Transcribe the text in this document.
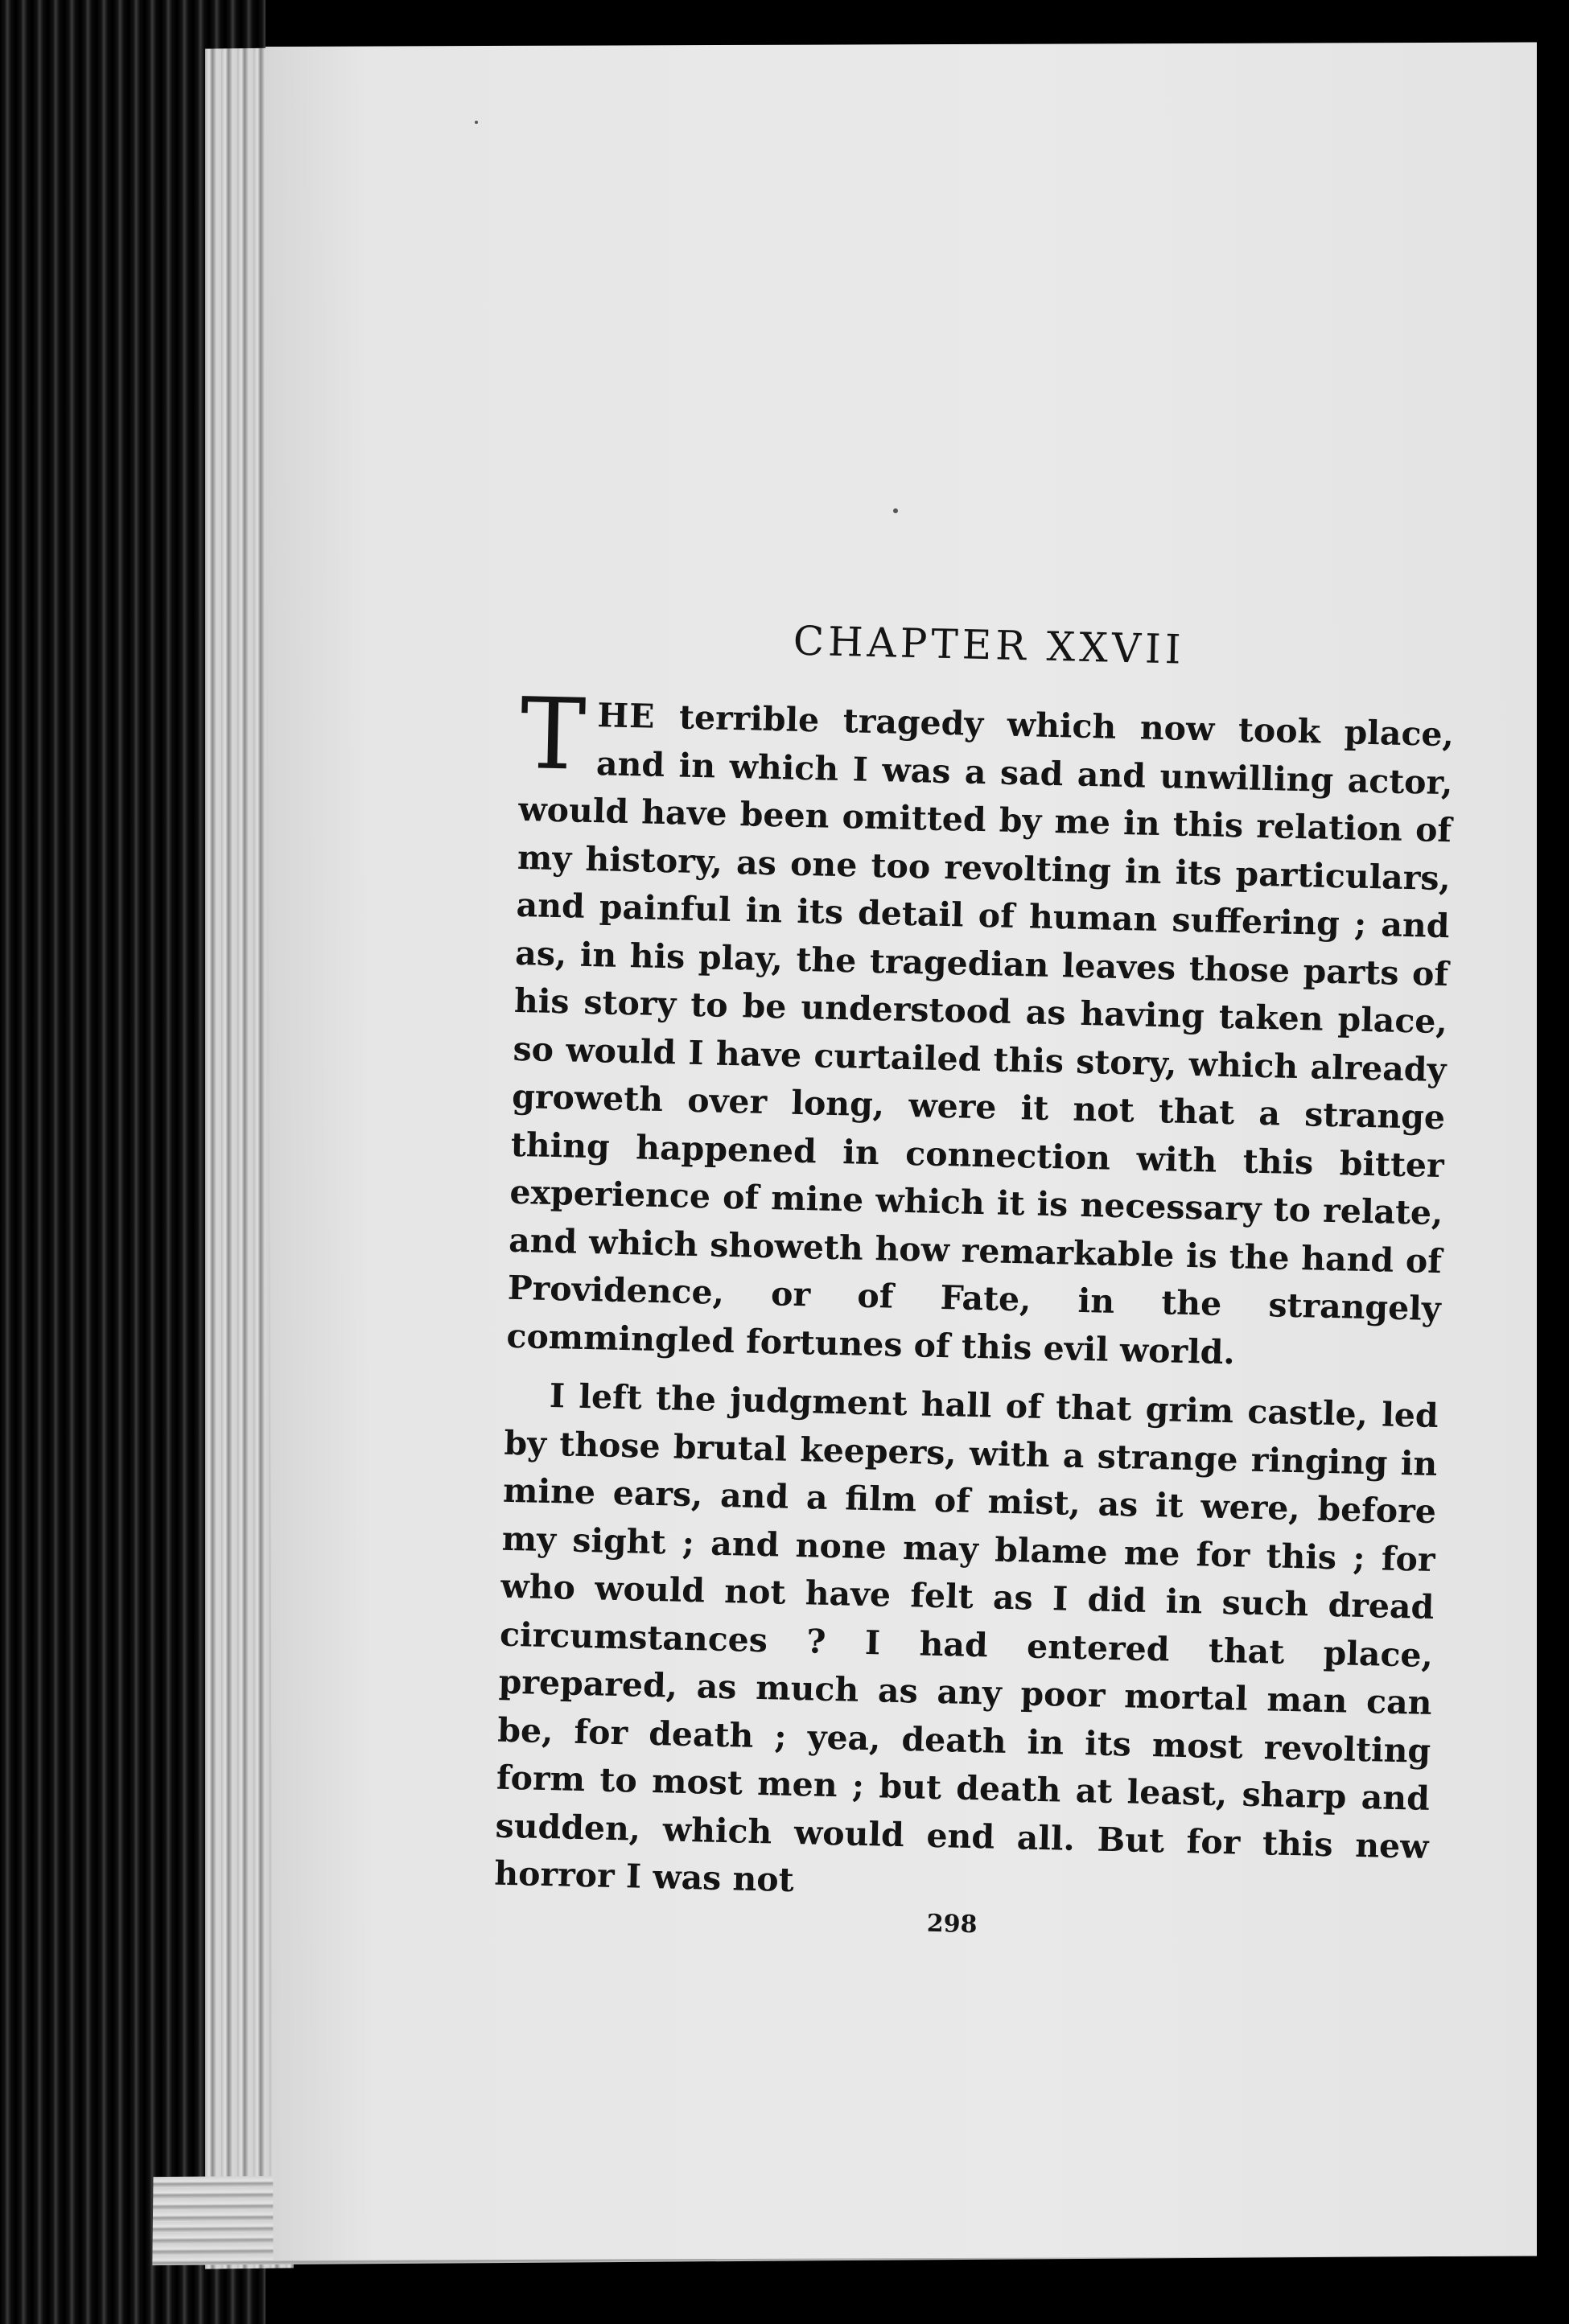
CHAPTER XXVII

THE terrible tragedy which now took place, and in which I was a sad and unwilling actor, would have been omitted by me in this relation of my history, as one too revolting in its particulars, and painful in its detail of human suffering ; and as, in his play, the tragedian leaves those parts of his story to be understood as having taken place, so would I have curtailed this story, which already groweth over long, were it not that a strange thing happened in connection with this bitter experience of mine which it is necessary to relate, and which showeth how remarkable is the hand of Providence, or of Fate, in the strangely commingled fortunes of this evil world.

I left the judgment hall of that grim castle, led by those brutal keepers, with a strange ringing in mine ears, and a film of mist, as it were, before my sight ; and none may blame me for this ; for who would not have felt as I did in such dread circumstances ? I had entered that place, prepared, as much as any poor mortal man can be, for death ; yea, death in its most revolting form to most men ; but death at least, sharp and sudden, which would end all. But for this new horror I was not

298
